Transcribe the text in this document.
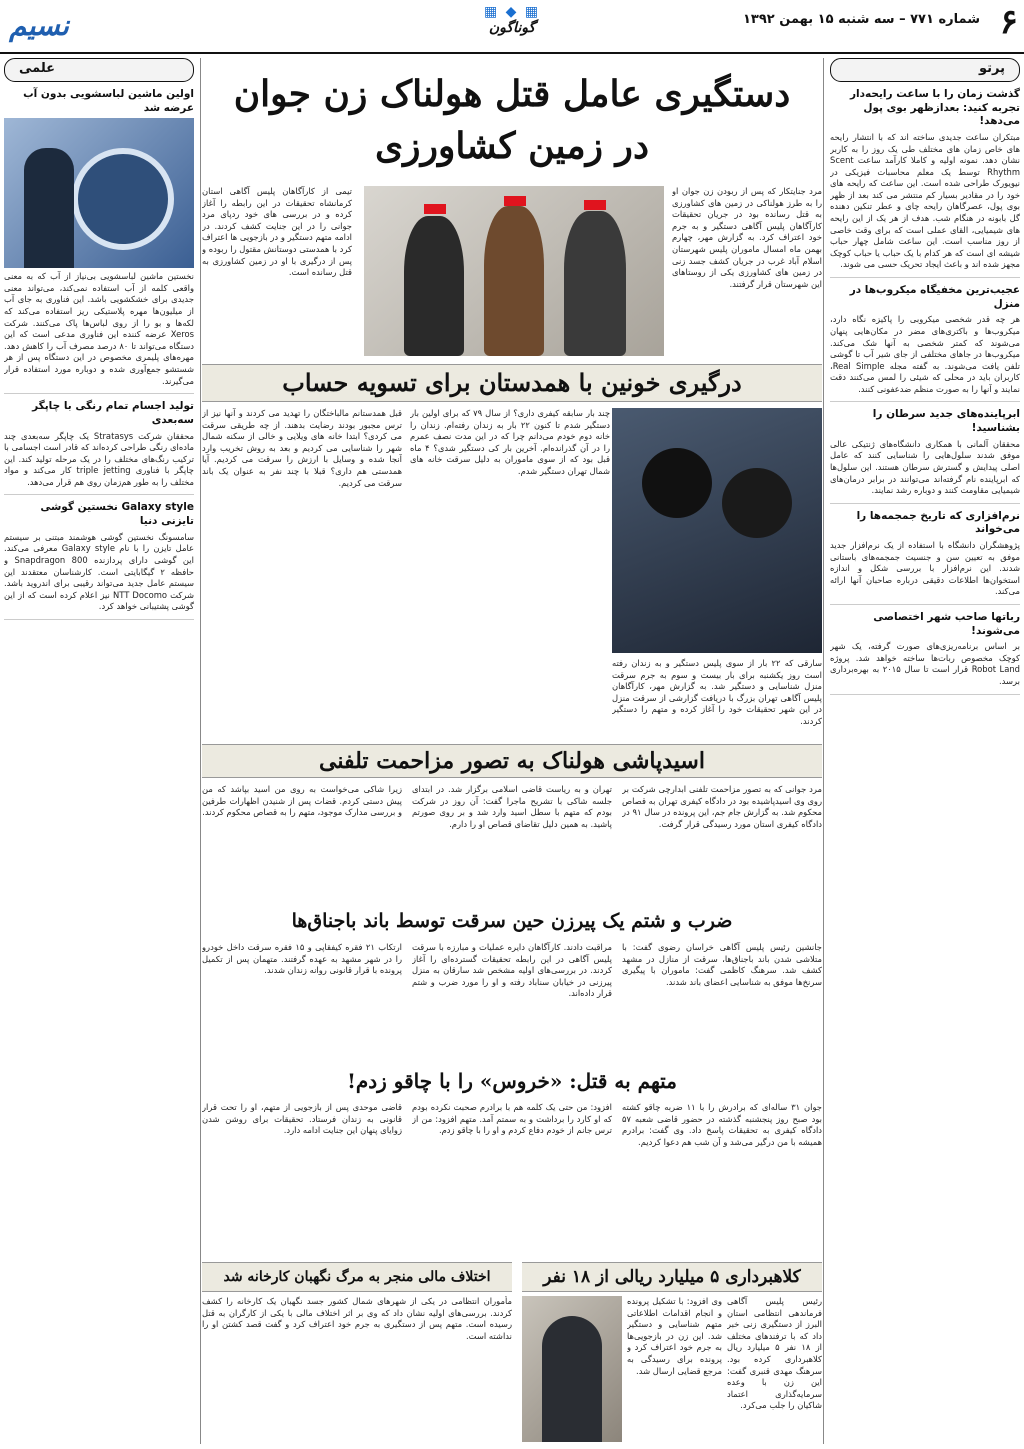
نسیم	▦ ◆ ▦
گوناگون	۶
شماره ۷۷۱ – سه شنبه ۱۵ بهمن ۱۳۹۲
پرتو
گذشت زمان را با ساعت رایحه‌دار تجربه کنید: بعدازظهر بوی پول می‌دهد!

مبتکران ساعت جدیدی ساخته اند که با انتشار رایحه های خاص زمان های مختلف طی یک روز را به کاربر نشان دهد. نمونه اولیه و کاملا کارآمد ساعت Scent Rhythm توسط یک معلم محاسبات فیزیکی در نیویورک طراحی شده است. این ساعت که رایحه های خود را در مقادیر بسیار کم منتشر می کند بعد از ظهر بوی پول، عصرگاهان رایحه چای و عطر تنکین دهنده گل بابونه در هنگام شب. هدف از هر یک از این رایحه های شیمیایی، القای عملی است که برای وقت خاصی از روز مناسب است. این ساعت شامل چهار حباب شیشه ای است که هر کدام با یک حباب یا حباب کوچک مجهز شده اند و باعث ایجاد تحریک حسی می شوند.

عجیب‌ترین مخفیگاه میکروب‌ها در منزل

هر چه قدر شخصی میکروبی را پاکیزه نگاه دارد، میکروب‌ها و باکتری‌های مضر در مکان‌هایی پنهان می‌شوند که کمتر شخصی به آنها شک می‌کند. میکروب‌ها در جاهای مختلفی از جای شیر آب تا گوشی تلفن یافت می‌شوند. به گفته مجله Real Simple، کاربران باید در محلی که شیئی را لمس می‌کنند دقت نمایند و آنها را به صورت منظم ضدعفونی کنند.

ابرپاینده‌های جدید سرطان را بشناسید!

محققان آلمانی با همکاری دانشگاه‌های ژنتیکی عالی موفق شدند سلول‌هایی را شناسایی کنند که عامل اصلی پیدایش و گسترش سرطان هستند. این سلول‌ها که ابرپاینده نام گرفته‌اند می‌توانند در برابر درمان‌های شیمیایی مقاومت کنند و دوباره رشد نمایند.

نرم‌افزاری که تاریخ جمجمه‌ها را می‌خواند

پژوهشگران دانشگاه با استفاده از یک نرم‌افزار جدید موفق به تعیین سن و جنسیت جمجمه‌های باستانی شدند. این نرم‌افزار با بررسی شکل و اندازه استخوان‌ها اطلاعات دقیقی درباره صاحبان آنها ارائه می‌کند.

رباتها صاحب شهر اختصاصی می‌شوند!

بر اساس برنامه‌ریزی‌های صورت گرفته، یک شهر کوچک مخصوص ربات‌ها ساخته خواهد شد. پروژه Robot Land قرار است تا سال ۲۰۱۵ به بهره‌برداری برسد.

علمی
اولین ماشین لباسشویی بدون آب عرضه شد

نخستین ماشین لباسشویی بی‌نیاز از آب که به معنی واقعی کلمه از آب استفاده نمی‌کند، می‌تواند معنی جدیدی برای خشکشویی باشد. این فناوری به جای آب از میلیون‌ها مهره پلاستیکی ریز استفاده می‌کند که لکه‌ها و بو را از روی لباس‌ها پاک می‌کنند. شرکت Xeros عرضه کننده این فناوری مدعی است که این دستگاه می‌تواند تا ۸۰ درصد مصرف آب را کاهش دهد. مهره‌های پلیمری مخصوص در این دستگاه پس از هر شستشو جمع‌آوری شده و دوباره مورد استفاده قرار می‌گیرند.

تولید اجسام تمام رنگی با چاپگر سه‌بعدی

محققان شرکت Stratasys یک چاپگر سه‌بعدی چند ماده‌ای رنگی طراحی کرده‌اند که قادر است اجسامی با ترکیب رنگ‌های مختلف را در یک مرحله تولید کند. این چاپگر با فناوری triple jetting کار می‌کند و مواد مختلف را به طور هم‌زمان روی هم قرار می‌دهد.

Galaxy style نخستین گوشی تایزنی دنیا

سامسونگ نخستین گوشی هوشمند مبتنی بر سیستم عامل تایزن را با نام Galaxy style معرفی می‌کند. این گوشی دارای پردازنده Snapdragon 800 و حافظه ۲ گیگابایتی است. کارشناسان معتقدند این سیستم عامل جدید می‌تواند رقیبی برای اندروید باشد. شرکت NTT Docomo نیز اعلام کرده است که از این گوشی پشتیبانی خواهد کرد.

دستگیری عامل قتل هولناک زن جوان
در زمین کشاورزی
مرد جنایتکار که پس از ربودن زن جوان او را به طرز هولناکی در زمین های کشاورزی به قتل رسانده بود در جریان تحقیقات کارآگاهان پلیس آگاهی دستگیر و به جرم خود اعتراف کرد. به گزارش مهر، چهارم بهمن ماه امسال ماموران پلیس شهرستان اسلام آباد غرب در جریان کشف جسد زنی در زمین های کشاورزی یکی از روستاهای این شهرستان قرار گرفتند.
تیمی از کارآگاهان پلیس آگاهی استان کرمانشاه تحقیقات در این رابطه را آغاز کرده و در بررسی های خود ردپای مرد جوانی را در این جنایت کشف کردند. در ادامه متهم دستگیر و در بازجویی ها اعتراف کرد با همدستی دوستانش مقتول را ربوده و پس از درگیری با او در زمین کشاورزی به قتل رسانده است.
درگیری خونین با همدستان برای تسویه حساب
قبل همدستانم مالباختگان را تهدید می کردند و آنها نیز از ترس مجبور بودند رضایت بدهند. از چه طریقی سرقت می کردی؟ ابتدا خانه های ویلایی و خالی از سکنه شمال شهر را شناسایی می کردیم و بعد به روش تخریب وارد آنجا شده و وسایل با ارزش را سرقت می کردیم. آیا همدستی هم داری؟ قبلا با چند نفر به عنوان یک باند سرقت می کردیم.
چند بار سابقه کیفری داری؟ از سال ۷۹ که برای اولین بار دستگیر شدم تا کنون ۲۲ بار به زندان رفته‌ام. زندان را خانه دوم خودم می‌دانم چرا که در این مدت نصف عمرم را در آن گذرانده‌ام. آخرین بار کی دستگیر شدی؟ ۴ ماه قبل بود که از سوی ماموران به دلیل سرقت خانه های شمال تهران دستگیر شدم.
سارقی که ۲۲ بار از سوی پلیس دستگیر و به زندان رفته است روز یکشنبه برای بار بیست و سوم به جرم سرقت منزل شناسایی و دستگیر شد. به گزارش مهر، کارآگاهان پلیس آگاهی تهران بزرگ با دریافت گزارشی از سرقت منزل در این شهر تحقیقات خود را آغاز کرده و متهم را دستگیر کردند.
اسیدپاشی هولناک به تصور مزاحمت تلفنی
مرد جوانی که به تصور مزاحمت تلفنی ابدارچی شرکت بر روی وی اسیدپاشیده بود در دادگاه کیفری تهران به قصاص محکوم شد. به گزارش جام جم، این پرونده در سال ۹۱ در دادگاه کیفری استان مورد رسیدگی قرار گرفت.
تهران و به ریاست قاضی اسلامی برگزار شد. در ابتدای جلسه شاکی با تشریح ماجرا گفت: آن روز در شرکت بودم که متهم با سطل اسید وارد شد و بر روی صورتم پاشید. به همین دلیل تقاضای قصاص او را دارم.
زیرا شاکی می‌خواست به روی من اسید بپاشد که من پیش دستی کردم. قضات پس از شنیدن اظهارات طرفین و بررسی مدارک موجود، متهم را به قصاص محکوم کردند.
ضرب و شتم یک پیرزن حین سرقت توسط باند باجناق‌ها
جانشین رئیس پلیس آگاهی خراسان رضوی گفت: با متلاشی شدن باند باجناق‌ها، سرقت از منازل در مشهد کشف شد. سرهنگ کاظمی گفت: ماموران با پیگیری سرنخ‌ها موفق به شناسایی اعضای باند شدند.
مراقبت دادند. کارآگاهان دایره عملیات و مبارزه با سرقت پلیس آگاهی در این رابطه تحقیقات گسترده‌ای را آغاز کردند. در بررسی‌های اولیه مشخص شد سارقان به منزل پیرزنی در خیابان سناباد رفته و او را مورد ضرب و شتم قرار داده‌اند.
ارتکاب ۲۱ فقره کیفقاپی و ۱۵ فقره سرقت داخل خودرو را در شهر مشهد به عهده گرفتند. متهمان پس از تکمیل پرونده با قرار قانونی روانه زندان شدند.
متهم به قتل: «خروس» را با چاقو زدم!
جوان ۳۱ ساله‌ای که برادرش را با ۱۱ ضربه چاقو کشته بود صبح روز پنجشنبه گذشته در حضور قاضی شعبه ۵۷ دادگاه کیفری به تحقیقات پاسخ داد. وی گفت: برادرم همیشه با من درگیر می‌شد و آن شب هم دعوا کردیم.
افزود: من حتی یک کلمه هم با برادرم صحبت نکرده بودم که او کارد را برداشت و به سمتم آمد. متهم افزود: من از ترس جانم از خودم دفاع کردم و او را با چاقو زدم.
قاضی موحدی پس از بازجویی از متهم، او را تحت قرار قانونی به زندان فرستاد. تحقیقات برای روشن شدن زوایای پنهان این جنایت ادامه دارد.
کلاهبرداری ۵ میلیارد ریالی از ۱۸ نفر
رئیس پلیس آگاهی فرماندهی انتظامی استان البرز از دستگیری زنی خبر داد که با ترفندهای مختلف از ۱۸ نفر ۵ میلیارد ریال کلاهبرداری کرده بود. سرهنگ مهدی قنبری گفت: این زن با وعده سرمایه‌گذاری اعتماد شاکیان را جلب می‌کرد.
وی افزود: با تشکیل پرونده و انجام اقدامات اطلاعاتی متهم شناسایی و دستگیر شد. این زن در بازجویی‌ها به جرم خود اعتراف کرد و پرونده برای رسیدگی به مرجع قضایی ارسال شد.
اختلاف مالی منجر به مرگ نگهبان کارخانه شد
مأموران انتظامی در یکی از شهرهای شمال کشور جسد نگهبان یک کارخانه را کشف کردند. بررسی‌های اولیه نشان داد که وی بر اثر اختلاف مالی با یکی از کارگران به قتل رسیده است. متهم پس از دستگیری به جرم خود اعتراف کرد و گفت قصد کشتن او را نداشته است.
